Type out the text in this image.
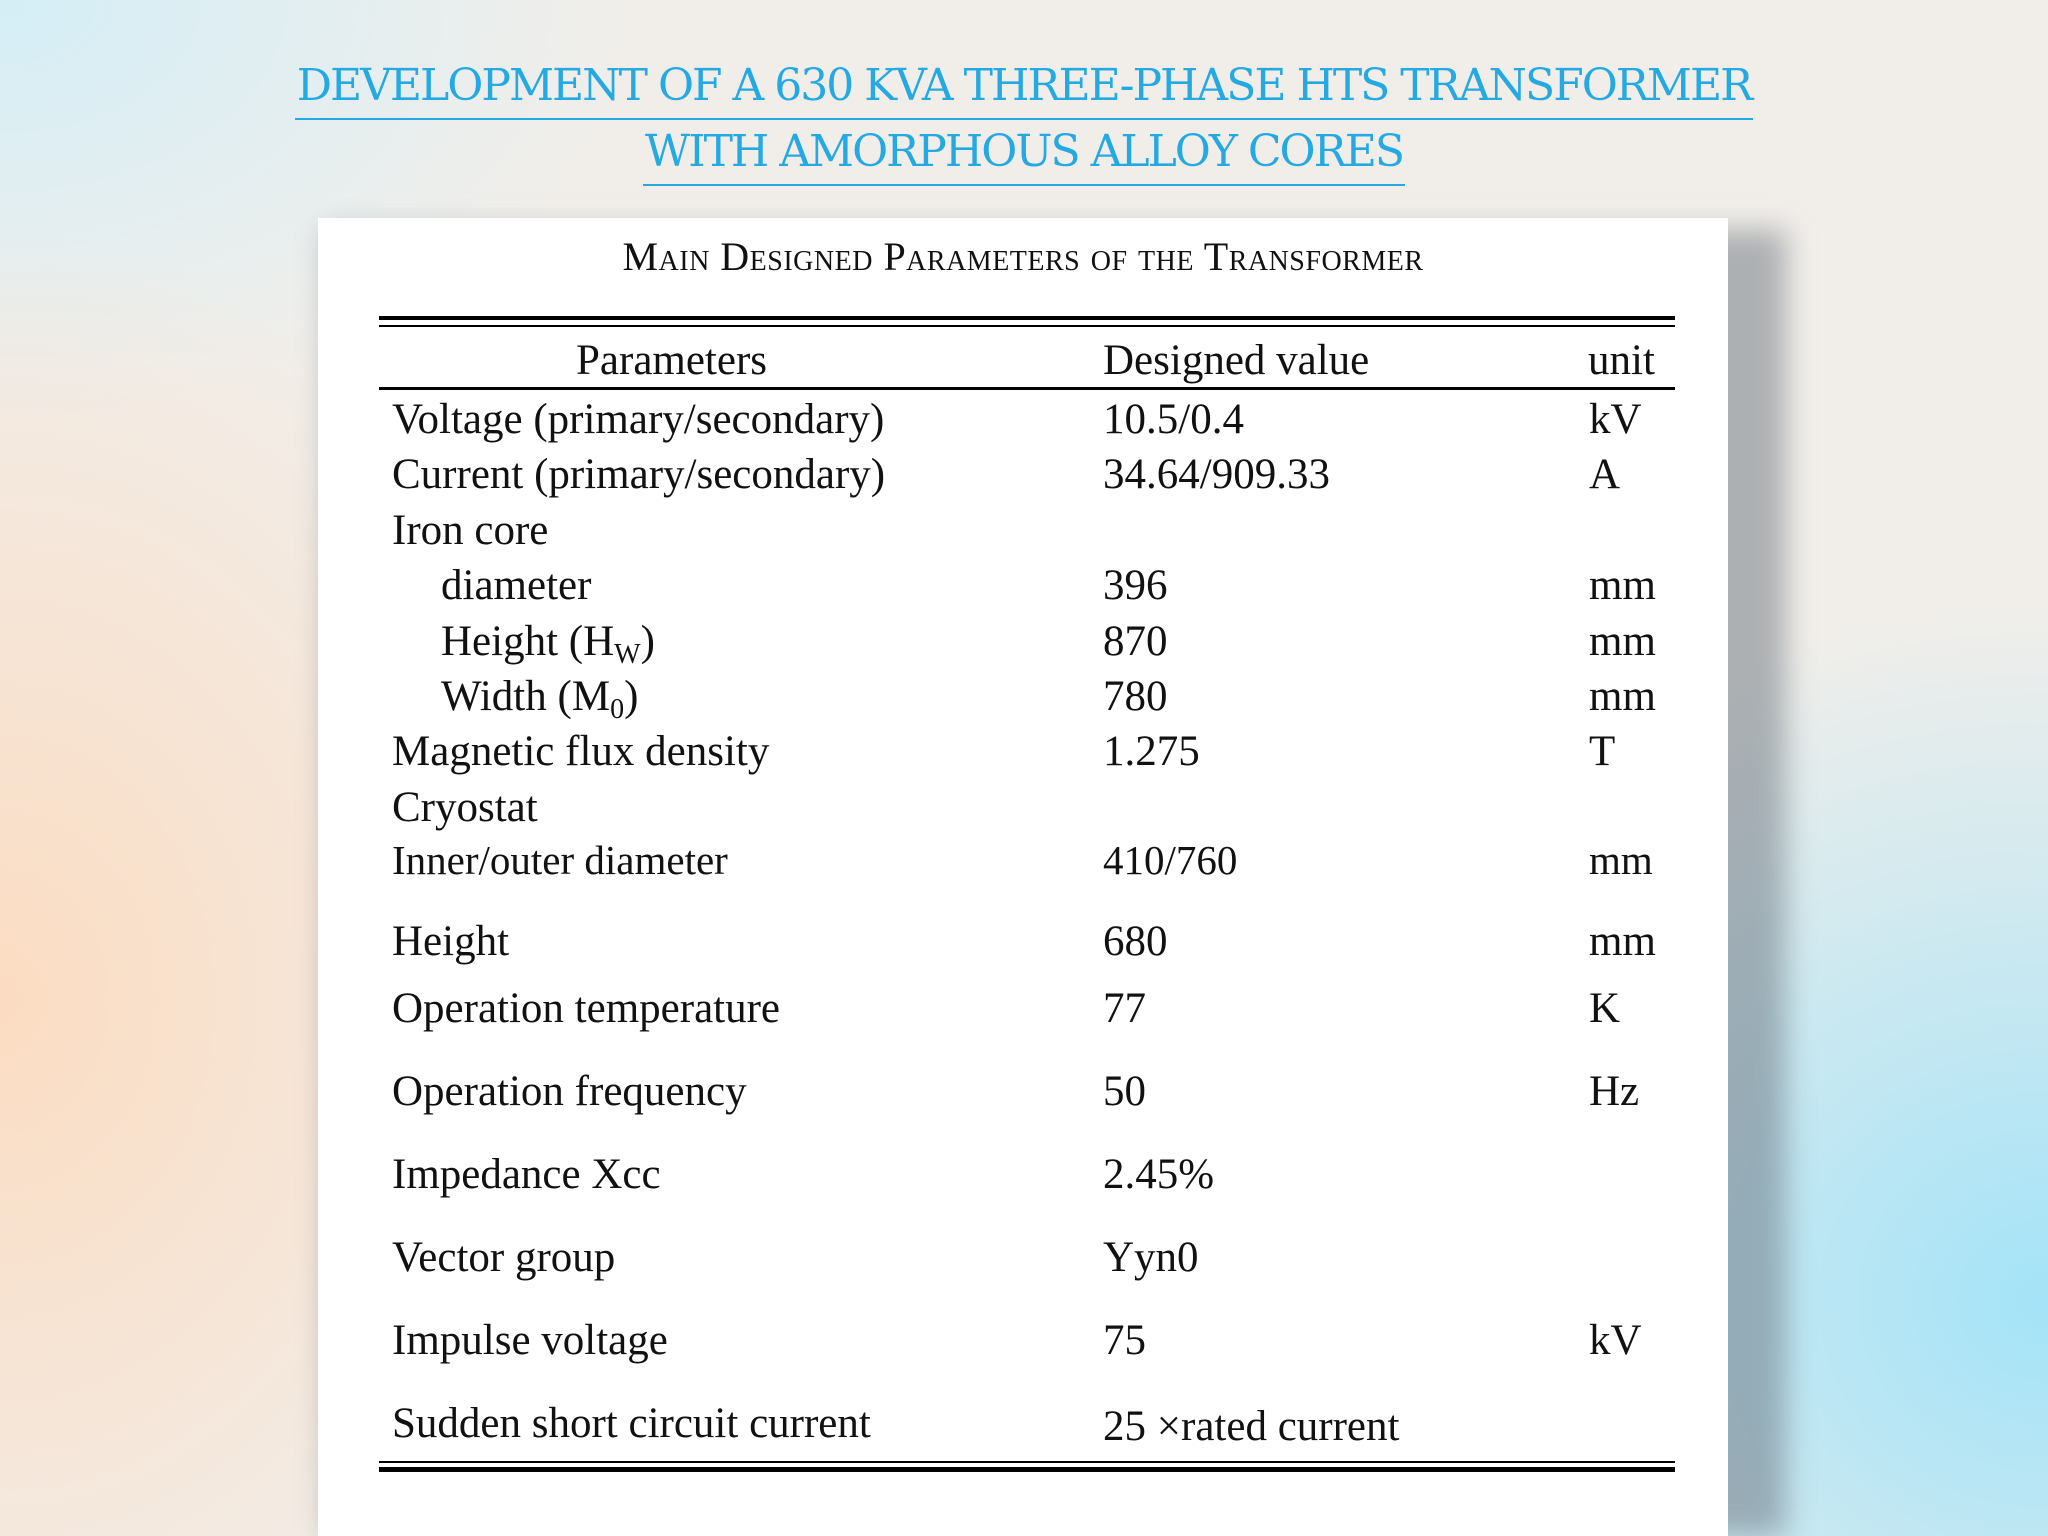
DEVELOPMENT OF A 630 KVA THREE-PHASE HTS TRANSFORMER
WITH AMORPHOUS ALLOY CORES
Main Designed Parameters of the Transformer
Parameters	Designed value	unit
Voltage (primary/secondary)	10.5/0.4	kV
Current (primary/secondary)	34.64/909.33	A
Iron core
diameter	396	mm
Height $(H_W)$	870	mm
Width $(M_0)$	780	mm
Magnetic flux density	1.275	T
Cryostat
Inner/outer diameter	410/760	mm
Height	680	mm
Operation temperature	77	K
Operation frequency	50	Hz
Impedance Xcc	2.45%
Vector group	Yyn0
Impulse voltage	75	kV
Sudden short circuit current	25 ×rated current
